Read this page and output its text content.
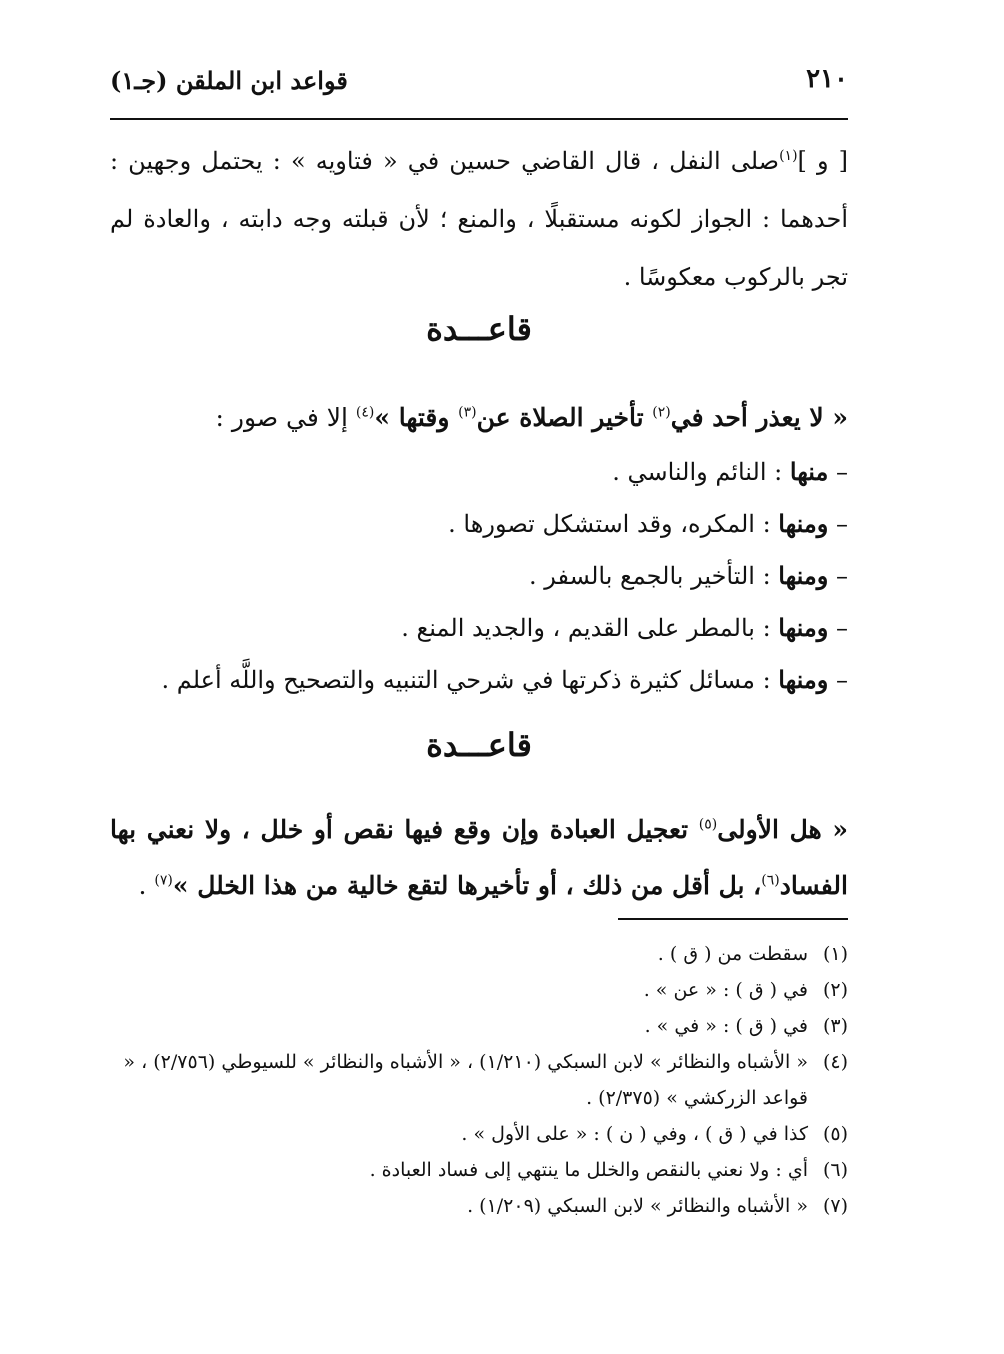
٢١٠
قواعد ابن الملقن (جـ١)

[ و ]$^{(١)}$صلى النفل ، قال القاضي حسين في « فتاويه » : يحتمل وجهين : أحدهما : الجواز لكونه مستقبلًا ، والمنع ؛ لأن قبلته وجه دابته ، والعادة لم تجر بالركوب معكوسًا .

قاعـــدة
« لا يعذر أحد في$^{(٢)}$ تأخير الصلاة عن$^{(٣)}$ وقتها »$^{(٤)}$ إلا في صور :
– منها : النائم والناسي .
– ومنها : المكره، وقد استشكل تصورها .
– ومنها : التأخير بالجمع بالسفر .
– ومنها : بالمطر على القديم ، والجديد المنع .
– ومنها : مسائل كثيرة ذكرتها في شرحي التنبيه والتصحيح واللَّه أعلم .
قاعـــدة

« هل الأولى$^{(٥)}$ تعجيل العبادة وإن وقع فيها نقص أو خلل ، ولا نعني بها الفساد$^{(٦)}$، بل أقل من ذلك ، أو تأخيرها لتقع خالية من هذا الخلل »$^{(٧)}$ .

(١)
سقطت من ( ق ) .
(٢)
في ( ق ) : « عن » .
(٣)
في ( ق ) : « في » .
(٤)
« الأشباه والنظائر » لابن السبكي (١/٢١٠) ، « الأشباه والنظائر » للسيوطي (٢/٧٥٦) ، « قواعد الزركشي » (٢/٣٧٥) .
(٥)
كذا في ( ق ) ، وفي ( ن ) : « على الأول » .
(٦)
أي : ولا نعني بالنقص والخلل ما ينتهي إلى فساد العبادة .
(٧)
« الأشباه والنظائر » لابن السبكي (١/٢٠٩) .
